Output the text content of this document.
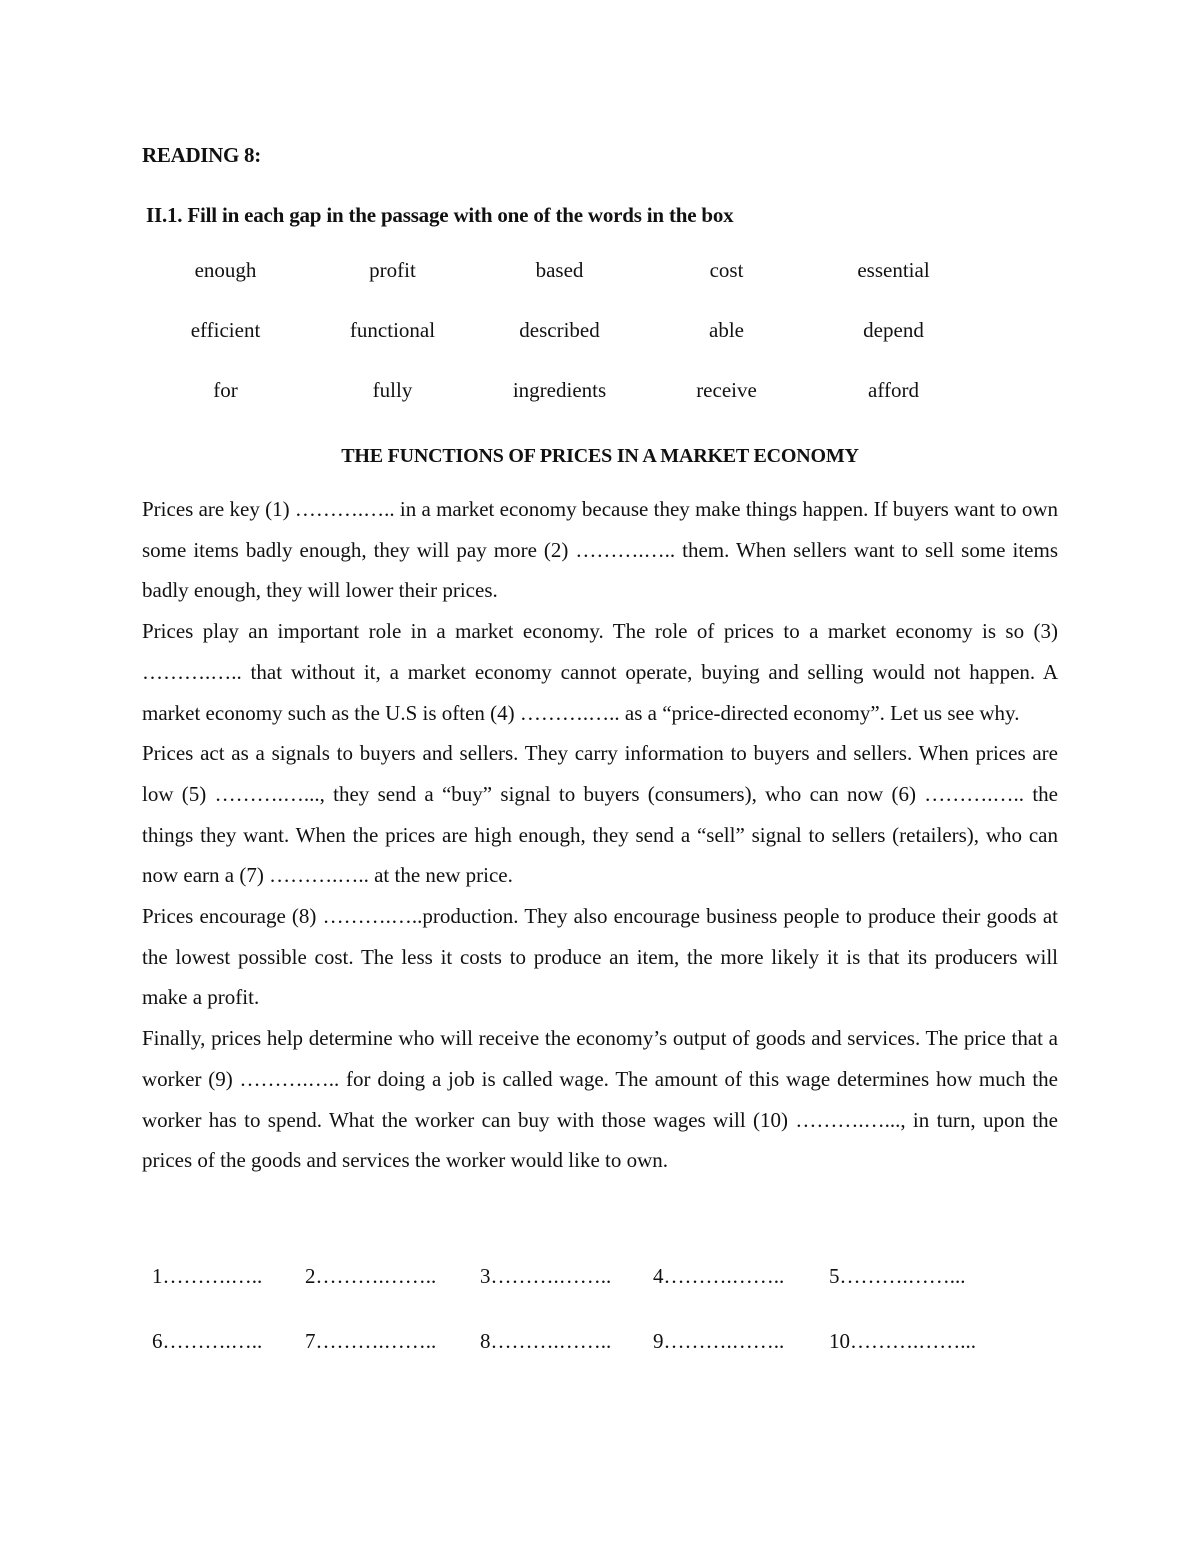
READING 8:
II.1. Fill in each gap in the passage with one of the words in the box
enough	profit	based	cost	essential
efficient	functional	described	able	depend
for	fully	ingredients	receive	afford
THE FUNCTIONS OF PRICES IN A MARKET ECONOMY

Prices are key (1) ……….….. in a market economy because they make things happen. If buyers want to own some items badly enough, they will pay more (2) ……….….. them. When sellers want to sell some items badly enough, they will lower their prices.

Prices play an important role in a market economy. The role of prices to a market economy is so (3) ……….….. that without it, a market economy cannot operate, buying and selling would not happen. A market economy such as the U.S is often (4) ……….….. as a “price-directed economy”. Let us see why.

Prices act as a signals to buyers and sellers. They carry information to buyers and sellers. When prices are low (5) ……….…..., they send a “buy” signal to buyers (consumers), who can now (6) ……….….. the things they want. When the prices are high enough, they send a “sell” signal to sellers (retailers), who can now earn a (7) ……….….. at the new price.

Prices encourage (8) ……….…..production. They also encourage business people to produce their goods at the lowest possible cost. The less it costs to produce an item, the more likely it is that its producers will make a profit.

Finally, prices help determine who will receive the economy’s output of goods and services. The price that a worker (9) ……….….. for doing a job is called wage. The amount of this wage determines how much the worker has to spend. What the worker can buy with those wages will (10) ……….…..., in turn, upon the prices of the goods and services the worker would like to own.

1……….…..	2……….……..	3……….……..	4……….……..	5……….……...
6……….…..	7……….……..	8……….……..	9……….……..	10……….……...
